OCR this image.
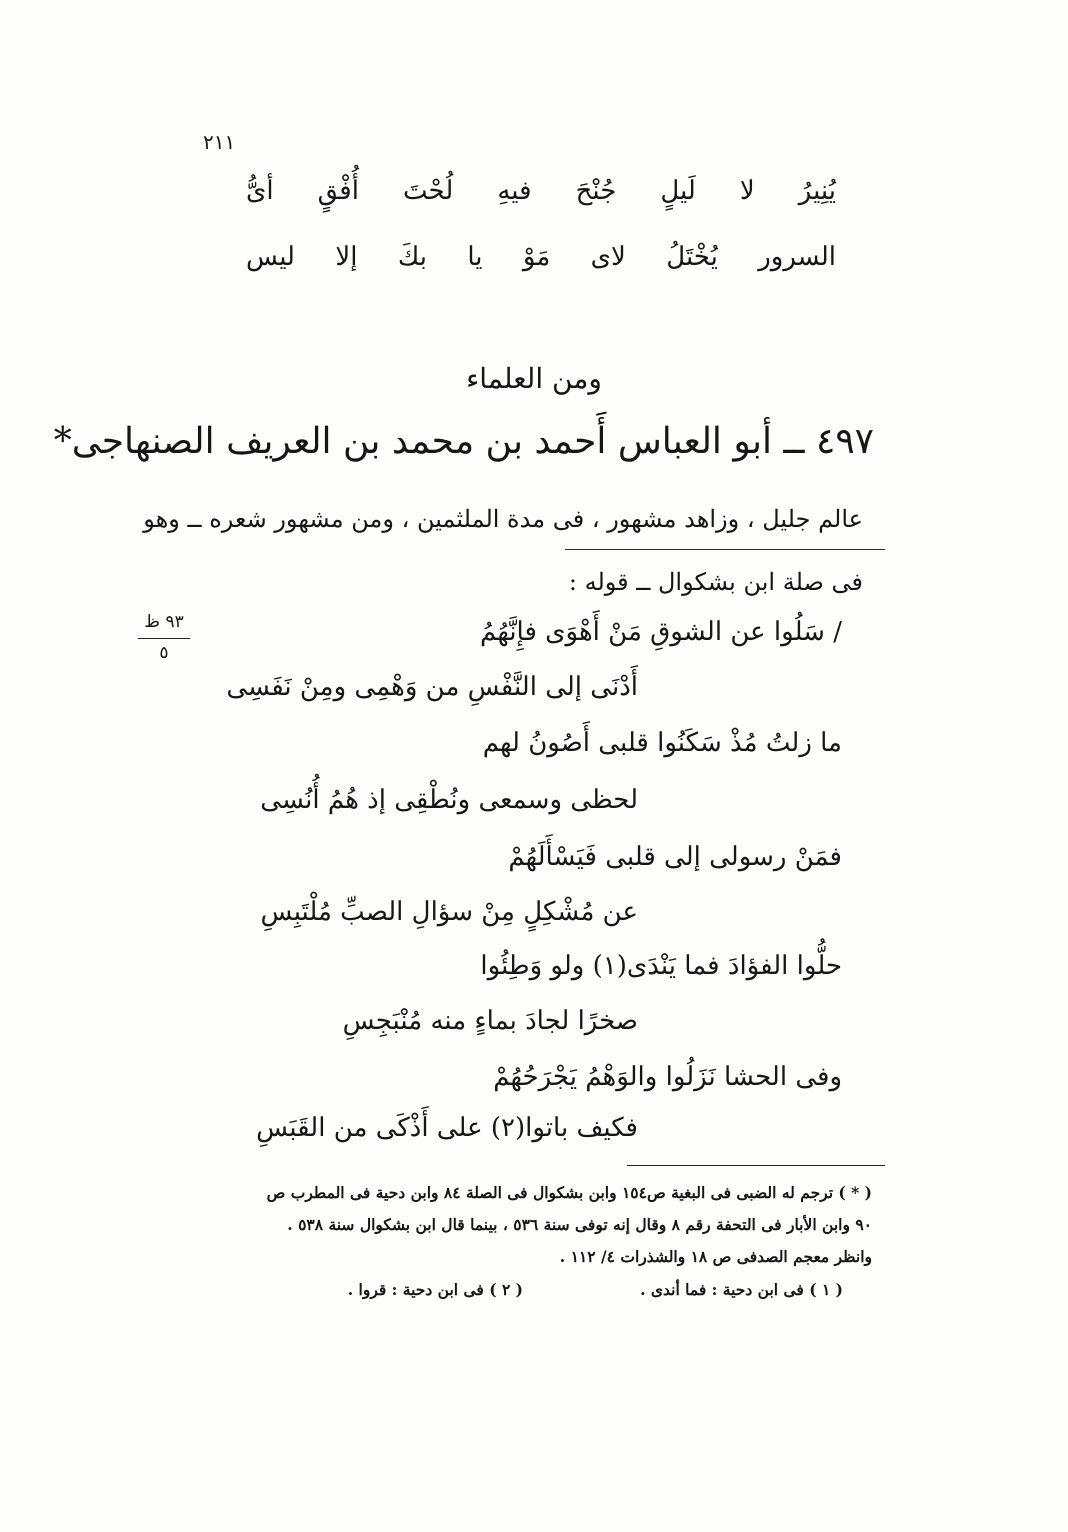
٢١١
أىُّ أُفْقٍ لُحْتَ فيهِ جُنْحَ لَيلٍ لا يُنِيرُ
ليس إلا بكَ يا مَوْ لاى يُخْتَلُ السرور
ومن العلماء
٤٩٧ ــ أبو العباس أَحمد بن محمد بن العريف الصنهاجى*
عالم جليل ، وزاهد مشهور ، فى مدة الملثمين ، ومن مشهور شعره ــ وهو
فى صلة ابن بشكوال ــ قوله :
٩٣ ظ
٥
/ سَلُوا عن الشوقِ مَنْ أَهْوَى فإِنَّهُمُ
أَدْنَى إلى النَّفْسِ من وَهْمِى ومِنْ نَفَسِى
ما زلتُ مُذْ سَكَنُوا قلبى أَصُونُ لهم
لحظى وسمعى ونُطْقِى إذ هُمُ أُنُسِى
فمَنْ رسولى إلى قلبى فَيَسْأَلَهُمْ
عن مُشْكِلٍ مِنْ سؤالِ الصبِّ مُلْتَبِسِ
حلُّوا الفؤادَ فما يَنْدَى(١) ولو وَطِئُوا
صخرًا لجادَ بماءٍ منه مُنْبَجِسِ
وفى الحشا نَزَلُوا والوَهْمُ يَجْرَحُهُمْ
فكيف باتوا(٢) على أَذْكَى من القَبَسِ
( * ) ترجم له الضبى فى البغية ص١٥٤ وابن بشكوال فى الصلة ٨٤ وابن دحية فى المطرب ص
٩٠ وابن الأبار فى التحفة رقم ٨ وقال إنه توفى سنة ٥٣٦ ، بينما قال ابن بشكوال سنة ٥٣٨ .
وانظر معجم الصدفى ص ١٨ والشذرات ٤/ ١١٢ .
( ١ ) فى ابن دحية : فما أندى .
( ٢ ) فى ابن دحية : قروا .
